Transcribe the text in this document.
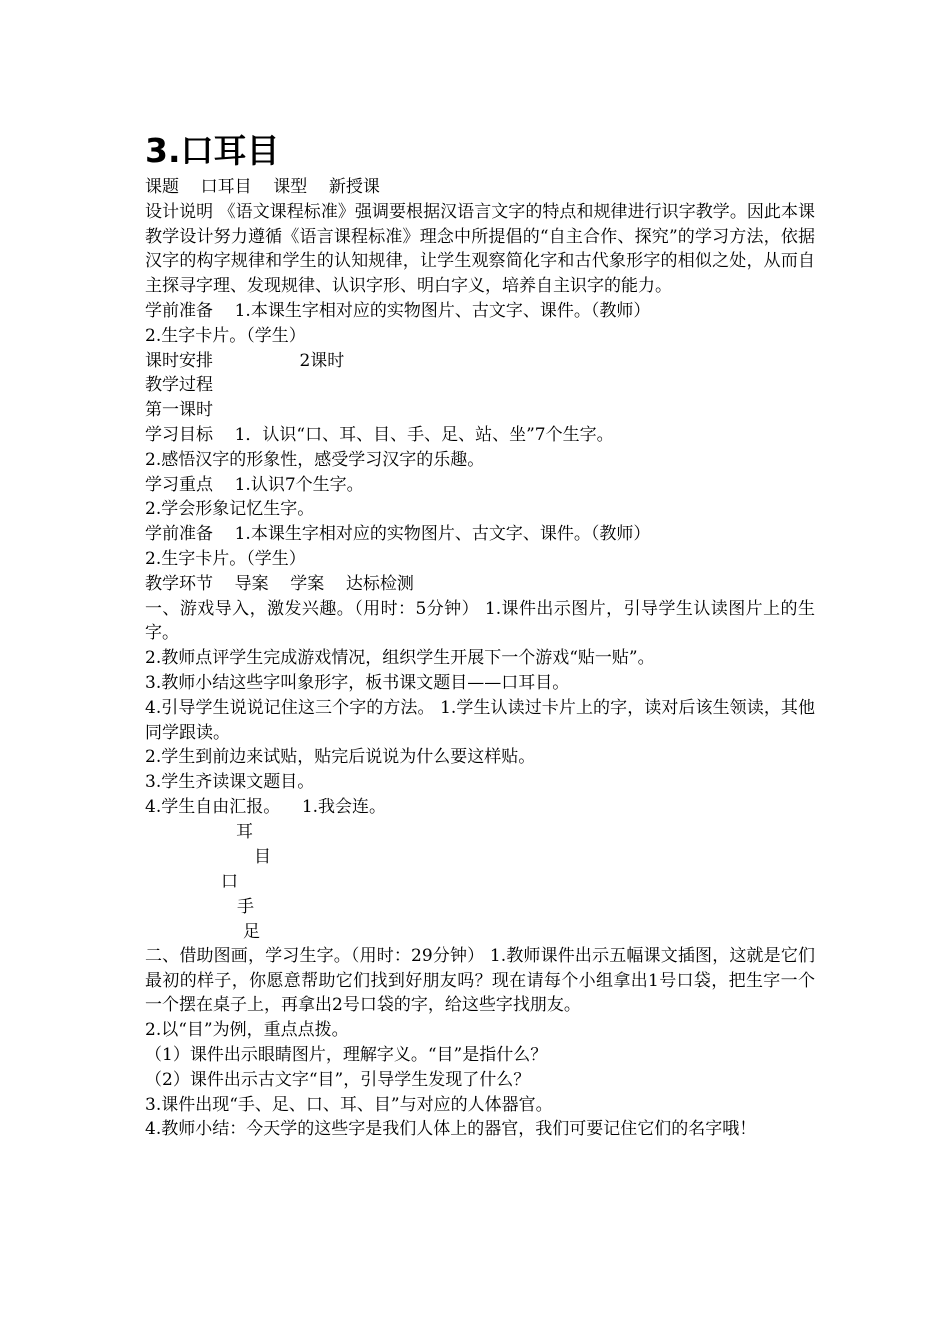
3.口耳目

课题    口耳目    课型    新授课

设计说明 《语文课程标准》强调要根据汉语言文字的特点和规律进行识字教学。因此本课教学设计努力遵循《语言课程标准》理念中所提倡的“自主合作、探究”的学习方法，依据汉字的构字规律和学生的认知规律，让学生观察简化字和古代象形字的相似之处，从而自主探寻字理、发现规律、认识字形、明白字义，培养自主识字的能力。

学前准备    1.本课生字相对应的实物图片、古文字、课件。（教师）

2.生字卡片。（学生）

课时安排                2课时

教学过程

第一课时

学习目标    1．认识“口、耳、目、手、足、站、坐”7个生字。

2.感悟汉字的形象性，感受学习汉字的乐趣。

学习重点    1.认识7个生字。

2.学会形象记忆生字。

学前准备    1.本课生字相对应的实物图片、古文字、课件。（教师）

2.生字卡片。（学生）

教学环节    导案    学案    达标检测

一、游戏导入，激发兴趣。（用时：5分钟） 1.课件出示图片，引导学生认读图片上的生字。

2.教师点评学生完成游戏情况，组织学生开展下一个游戏“贴一贴”。

3.教师小结这些字叫象形字，板书课文题目——口耳目。

4.引导学生说说记住这三个字的方法。 1.学生认读过卡片上的字，读对后该生领读，其他同学跟读。

2.学生到前边来试贴，贴完后说说为什么要这样贴。

3.学生齐读课文题目。

4.学生自由汇报。    1.我会连。

耳
目
口
手
足

二、借助图画，学习生字。（用时：29分钟） 1.教师课件出示五幅课文插图，这就是它们最初的样子，你愿意帮助它们找到好朋友吗？现在请每个小组拿出1号口袋，把生字一个一个摆在桌子上，再拿出2号口袋的字，给这些字找朋友。

2.以“目”为例，重点点拨。

（1）课件出示眼睛图片，理解字义。“目”是指什么？

（2）课件出示古文字“目”，引导学生发现了什么？

3.课件出现“手、足、口、耳、目”与对应的人体器官。

4.教师小结：今天学的这些字是我们人体上的器官，我们可要记住它们的名字哦！
